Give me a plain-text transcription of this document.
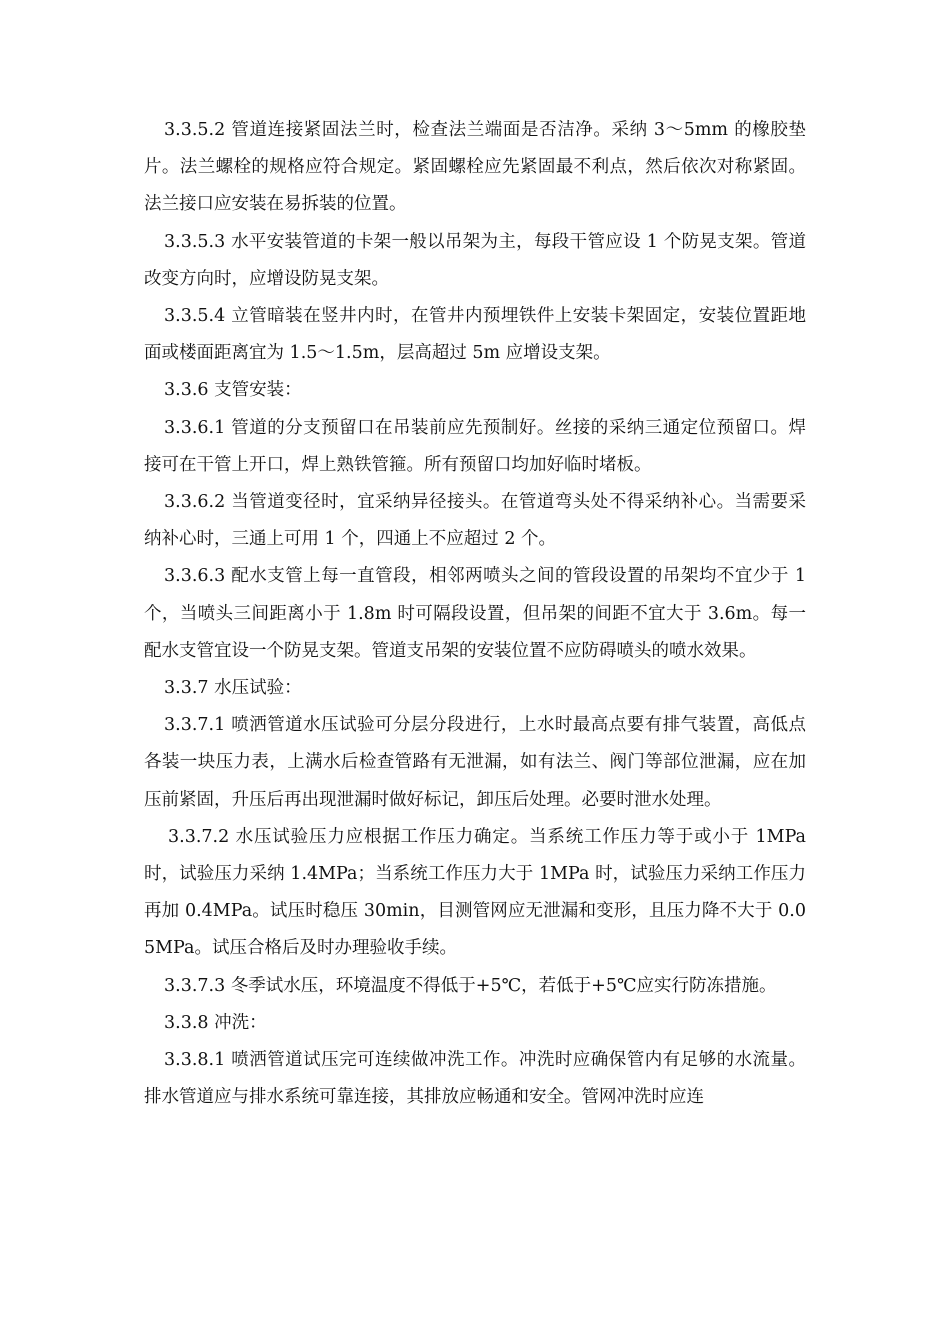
3.3.5.2 管道连接紧固法兰时，检查法兰端面是否洁净。采纳 3～5mm 的橡胶垫片。法兰螺栓的规格应符合规定。紧固螺栓应先紧固最不利点，然后依次对称紧固。法兰接口应安装在易拆装的位置。

3.3.5.3 水平安装管道的卡架一般以吊架为主，每段干管应设 1 个防晃支架。管道改变方向时，应增设防晃支架。

3.3.5.4 立管暗装在竖井内时，在管井内预埋铁件上安装卡架固定，安装位置距地面或楼面距离宜为 1.5～1.5m，层高超过 5m 应增设支架。

3.3.6 支管安装：

3.3.6.1 管道的分支预留口在吊装前应先预制好。丝接的采纳三通定位预留口。焊接可在干管上开口，焊上熟铁管箍。所有预留口均加好临时堵板。

3.3.6.2 当管道变径时，宜采纳异径接头。在管道弯头处不得采纳补心。当需要采纳补心时，三通上可用 1 个，四通上不应超过 2 个。

3.3.6.3 配水支管上每一直管段，相邻两喷头之间的管段设置的吊架均不宜少于 1 个，当喷头三间距离小于 1.8m 时可隔段设置，但吊架的间距不宜大于 3.6m。每一配水支管宜设一个防晃支架。管道支吊架的安装位置不应防碍喷头的喷水效果。

3.3.7 水压试验：

3.3.7.1 喷洒管道水压试验可分层分段进行，上水时最高点要有排气装置，高低点各装一块压力表，上满水后检查管路有无泄漏，如有法兰、阀门等部位泄漏，应在加压前紧固，升压后再出现泄漏时做好标记，卸压后处理。必要时泄水处理。

3.3.7.2 水压试验压力应根据工作压力确定。当系统工作压力等于或小于 1MPa 时，试验压力采纳 1.4MPa；当系统工作压力大于 1MPa 时，试验压力采纳工作压力再加 0.4MPa。试压时稳压 30min，目测管网应无泄漏和变形，且压力降不大于 0.05MPa。试压合格后及时办理验收手续。

3.3.7.3 冬季试水压，环境温度不得低于+5℃，若低于+5℃应实行防冻措施。

3.3.8 冲洗：

3.3.8.1 喷洒管道试压完可连续做冲洗工作。冲洗时应确保管内有足够的水流量。排水管道应与排水系统可靠连接，其排放应畅通和安全。管网冲洗时应连
